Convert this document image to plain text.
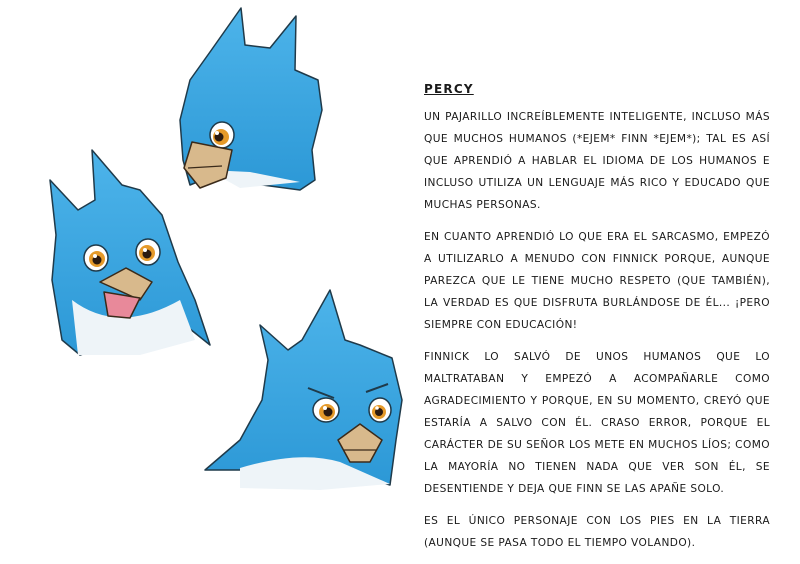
PERCY

UN PAJARILLO INCREÍBLEMENTE INTELIGENTE, INCLUSO MÁS QUE MUCHOS HUMANOS (*EJEM* FINN *EJEM*); TAL ES ASÍ QUE APRENDIÓ A HABLAR EL IDIOMA DE LOS HUMANOS E INCLUSO UTILIZA UN LENGUAJE MÁS RICO Y EDUCADO QUE MUCHAS PERSONAS.

EN CUANTO APRENDIÓ LO QUE ERA EL SARCASMO, EMPEZÓ A UTILIZARLO A MENUDO CON FINNICK PORQUE, AUNQUE PAREZCA QUE LE TIENE MUCHO RESPETO (QUE TAMBIÉN), LA VERDAD ES QUE DISFRUTA BURLÁNDOSE DE ÉL... ¡PERO SIEMPRE CON EDUCACIÓN!

FINNICK LO SALVÓ DE UNOS HUMANOS QUE LO MALTRATABAN Y EMPEZÓ A ACOMPAÑARLE COMO AGRADECIMIENTO Y PORQUE, EN SU MOMENTO, CREYÓ QUE ESTARÍA A SALVO CON ÉL. CRASO ERROR, PORQUE EL CARÁCTER DE SU SEÑOR LOS METE EN MUCHOS LÍOS; COMO LA MAYORÍA NO TIENEN NADA QUE VER SON ÉL, SE DESENTIENDE Y DEJA QUE FINN SE LAS APAÑE SOLO.

ES EL ÚNICO PERSONAJE CON LOS PIES EN LA TIERRA (AUNQUE SE PASA TODO EL TIEMPO VOLANDO).
